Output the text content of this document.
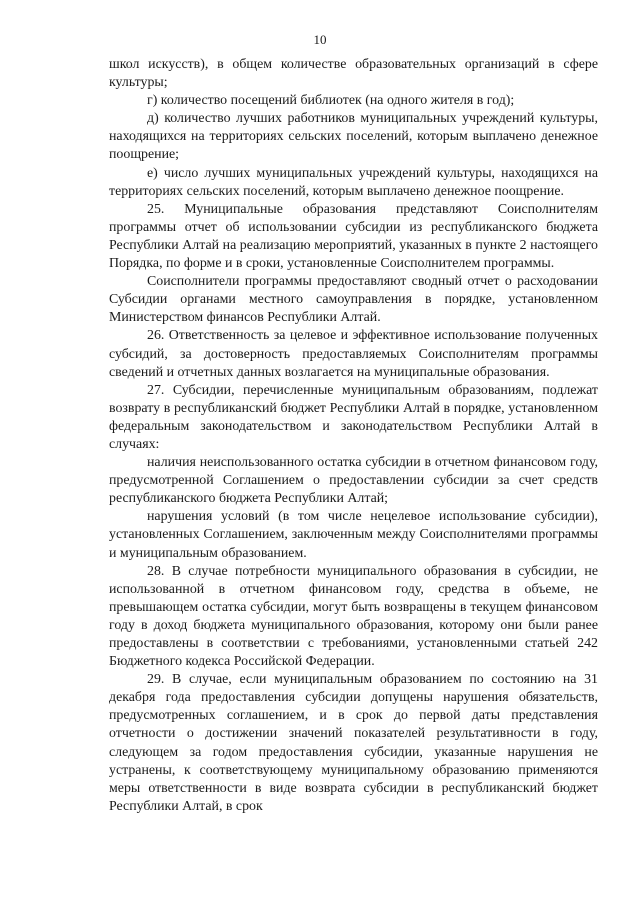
10

школ искусств), в общем количестве образовательных организаций в сфере культуры;

г) количество посещений библиотек (на одного жителя в год);

д) количество лучших работников муниципальных учреждений культуры, находящихся на территориях сельских поселений, которым выплачено денежное поощрение;

е) число лучших муниципальных учреждений культуры, находящихся на территориях сельских поселений, которым выплачено денежное поощрение.

25. Муниципальные образования представляют Соисполнителям программы отчет об использовании субсидии из республиканского бюджета Республики Алтай на реализацию мероприятий, указанных в пункте 2 настоящего Порядка, по форме и в сроки, установленные Соисполнителем программы.

Соисполнители программы предоставляют сводный отчет о расходовании Субсидии органами местного самоуправления в порядке, установленном Министерством финансов Республики Алтай.

26. Ответственность за целевое и эффективное использование полученных субсидий, за достоверность предоставляемых Соисполнителям программы сведений и отчетных данных возлагается на муниципальные образования.

27. Субсидии, перечисленные муниципальным образованиям, подлежат возврату в республиканский бюджет Республики Алтай в порядке, установленном федеральным законодательством и законодательством Республики Алтай в случаях:

наличия неиспользованного остатка субсидии в отчетном финансовом году, предусмотренной Соглашением о предоставлении субсидии за счет средств республиканского бюджета Республики Алтай;

нарушения условий (в том числе нецелевое использование субсидии), установленных Соглашением, заключенным между Соисполнителями программы и муниципальным образованием.

28. В случае потребности муниципального образования в субсидии, не использованной в отчетном финансовом году, средства в объеме, не превышающем остатка субсидии, могут быть возвращены в текущем финансовом году в доход бюджета муниципального образования, которому они были ранее предоставлены в соответствии с требованиями, установленными статьей 242 Бюджетного кодекса Российской Федерации.

29. В случае, если муниципальным образованием по состоянию на 31 декабря года предоставления субсидии допущены нарушения обязательств, предусмотренных соглашением, и в срок до первой даты представления отчетности о достижении значений показателей результативности в году, следующем за годом предоставления субсидии, указанные нарушения не устранены, к соответствующему муниципальному образованию применяются меры ответственности в виде возврата субсидии в республиканский бюджет Республики Алтай, в срок
